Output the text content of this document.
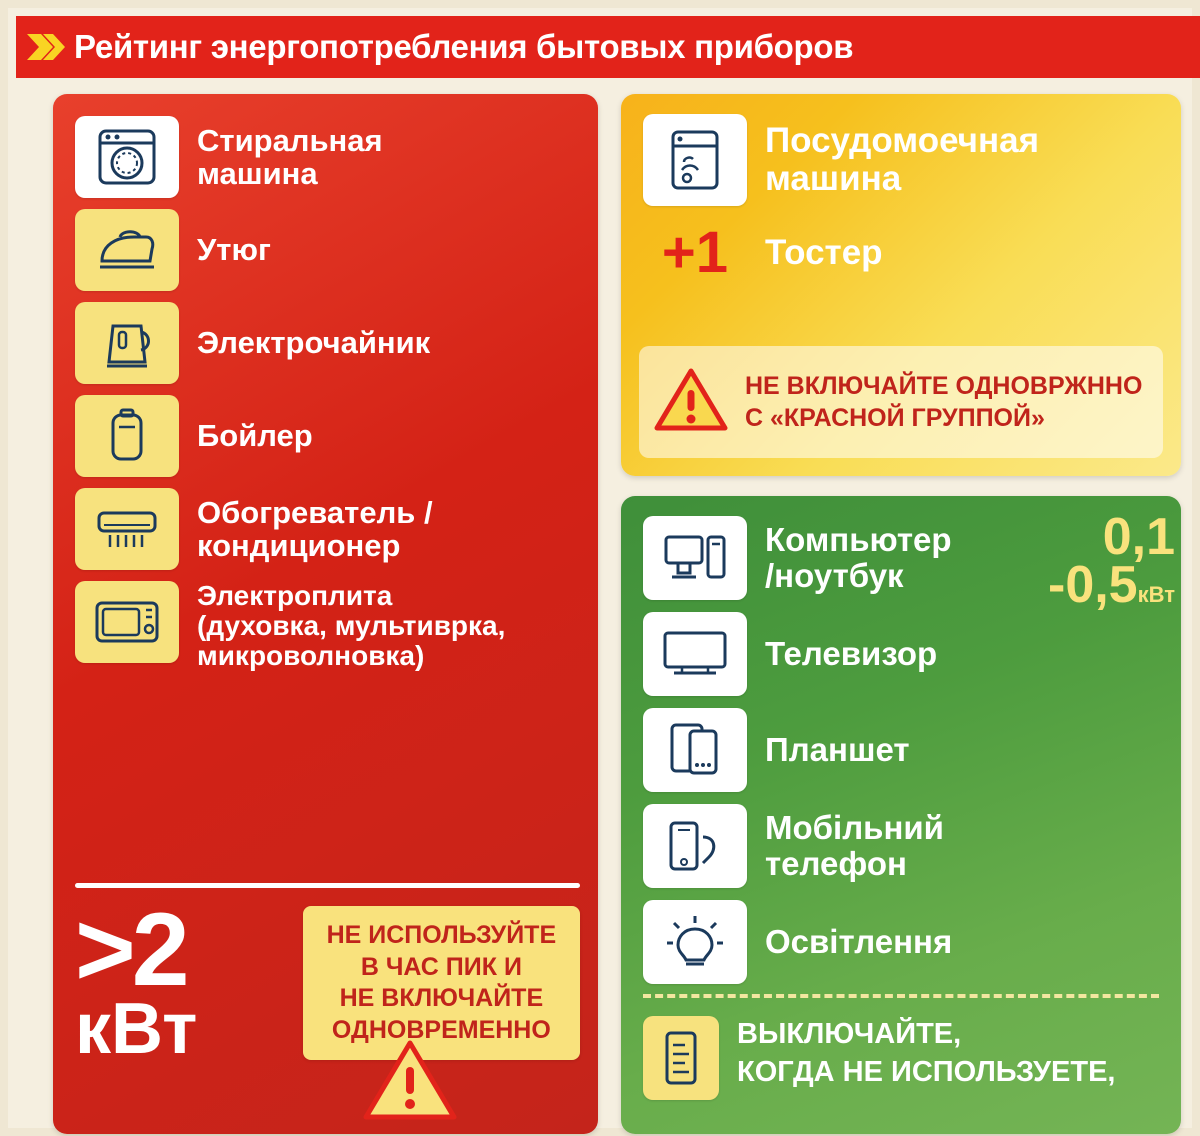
Рейтинг энергопотребления бытовых приборов
Стиральная
машина
Утюг
Электрочайник
Бойлер
Обогреватель /
кондиционер
Электроплита
(духовка, мультиврка,
микроволновка)
>2
кВт
НЕ ИСПОЛЬЗУЙТЕ
В ЧАС ПИК И
НЕ ВКЛЮЧАЙТЕ
ОДНОВРЕМЕННО
Посудомоечная
машина
+1	Тостер
НЕ ВКЛЮЧАЙТЕ ОДНОВРЖННО
С «КРАСНОЙ ГРУППОЙ»
Компьютер
/ноутбук
Телевизор
Планшет
Мобільний
телефон
Освітлення
0,1
-0,5кВт
ВЫКЛЮЧАЙТЕ,
КОГДА НЕ ИСПОЛЬЗУЕТЕ,
